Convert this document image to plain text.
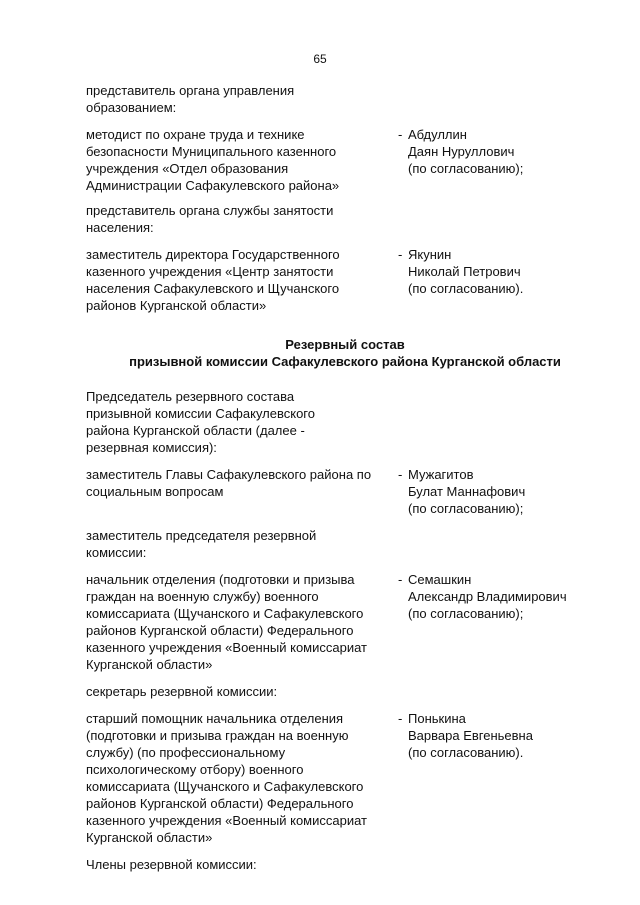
65
представитель органа управления образованием:
методист по охране труда и технике безопасности Муниципального казенного учреждения «Отдел образования Администрации Сафакулевского района»
- Абдуллин
Даян Нуруллович
(по согласованию);
представитель органа службы занятости населения:
заместитель директора Государственного казенного учреждения «Центр занятости населения Сафакулевского и Щучанского районов Курганской области»
- Якунин
Николай Петрович
(по согласованию).
Резервный состав
призывной комиссии Сафакулевского района Курганской области
Председатель резервного состава призывной комиссии Сафакулевского района Курганской области (далее - резервная комиссия):
заместитель Главы Сафакулевского района по социальным вопросам
- Мужагитов
Булат Маннафович
(по согласованию);
заместитель председателя резервной комиссии:
начальник отделения (подготовки и призыва граждан на военную службу) военного комиссариата (Щучанского и Сафакулевского районов Курганской области) Федерального казенного учреждения «Военный комиссариат Курганской области»
- Семашкин
Александр Владимирович
(по согласованию);
секретарь резервной комиссии:
старший помощник начальника отделения (подготовки и призыва граждан на военную службу) (по профессиональному психологическому отбору) военного комиссариата (Щучанского и Сафакулевского районов Курганской области) Федерального казенного учреждения «Военный комиссариат Курганской области»
- Понькина
Варвара Евгеньевна
(по согласованию).
Члены резервной комиссии:
